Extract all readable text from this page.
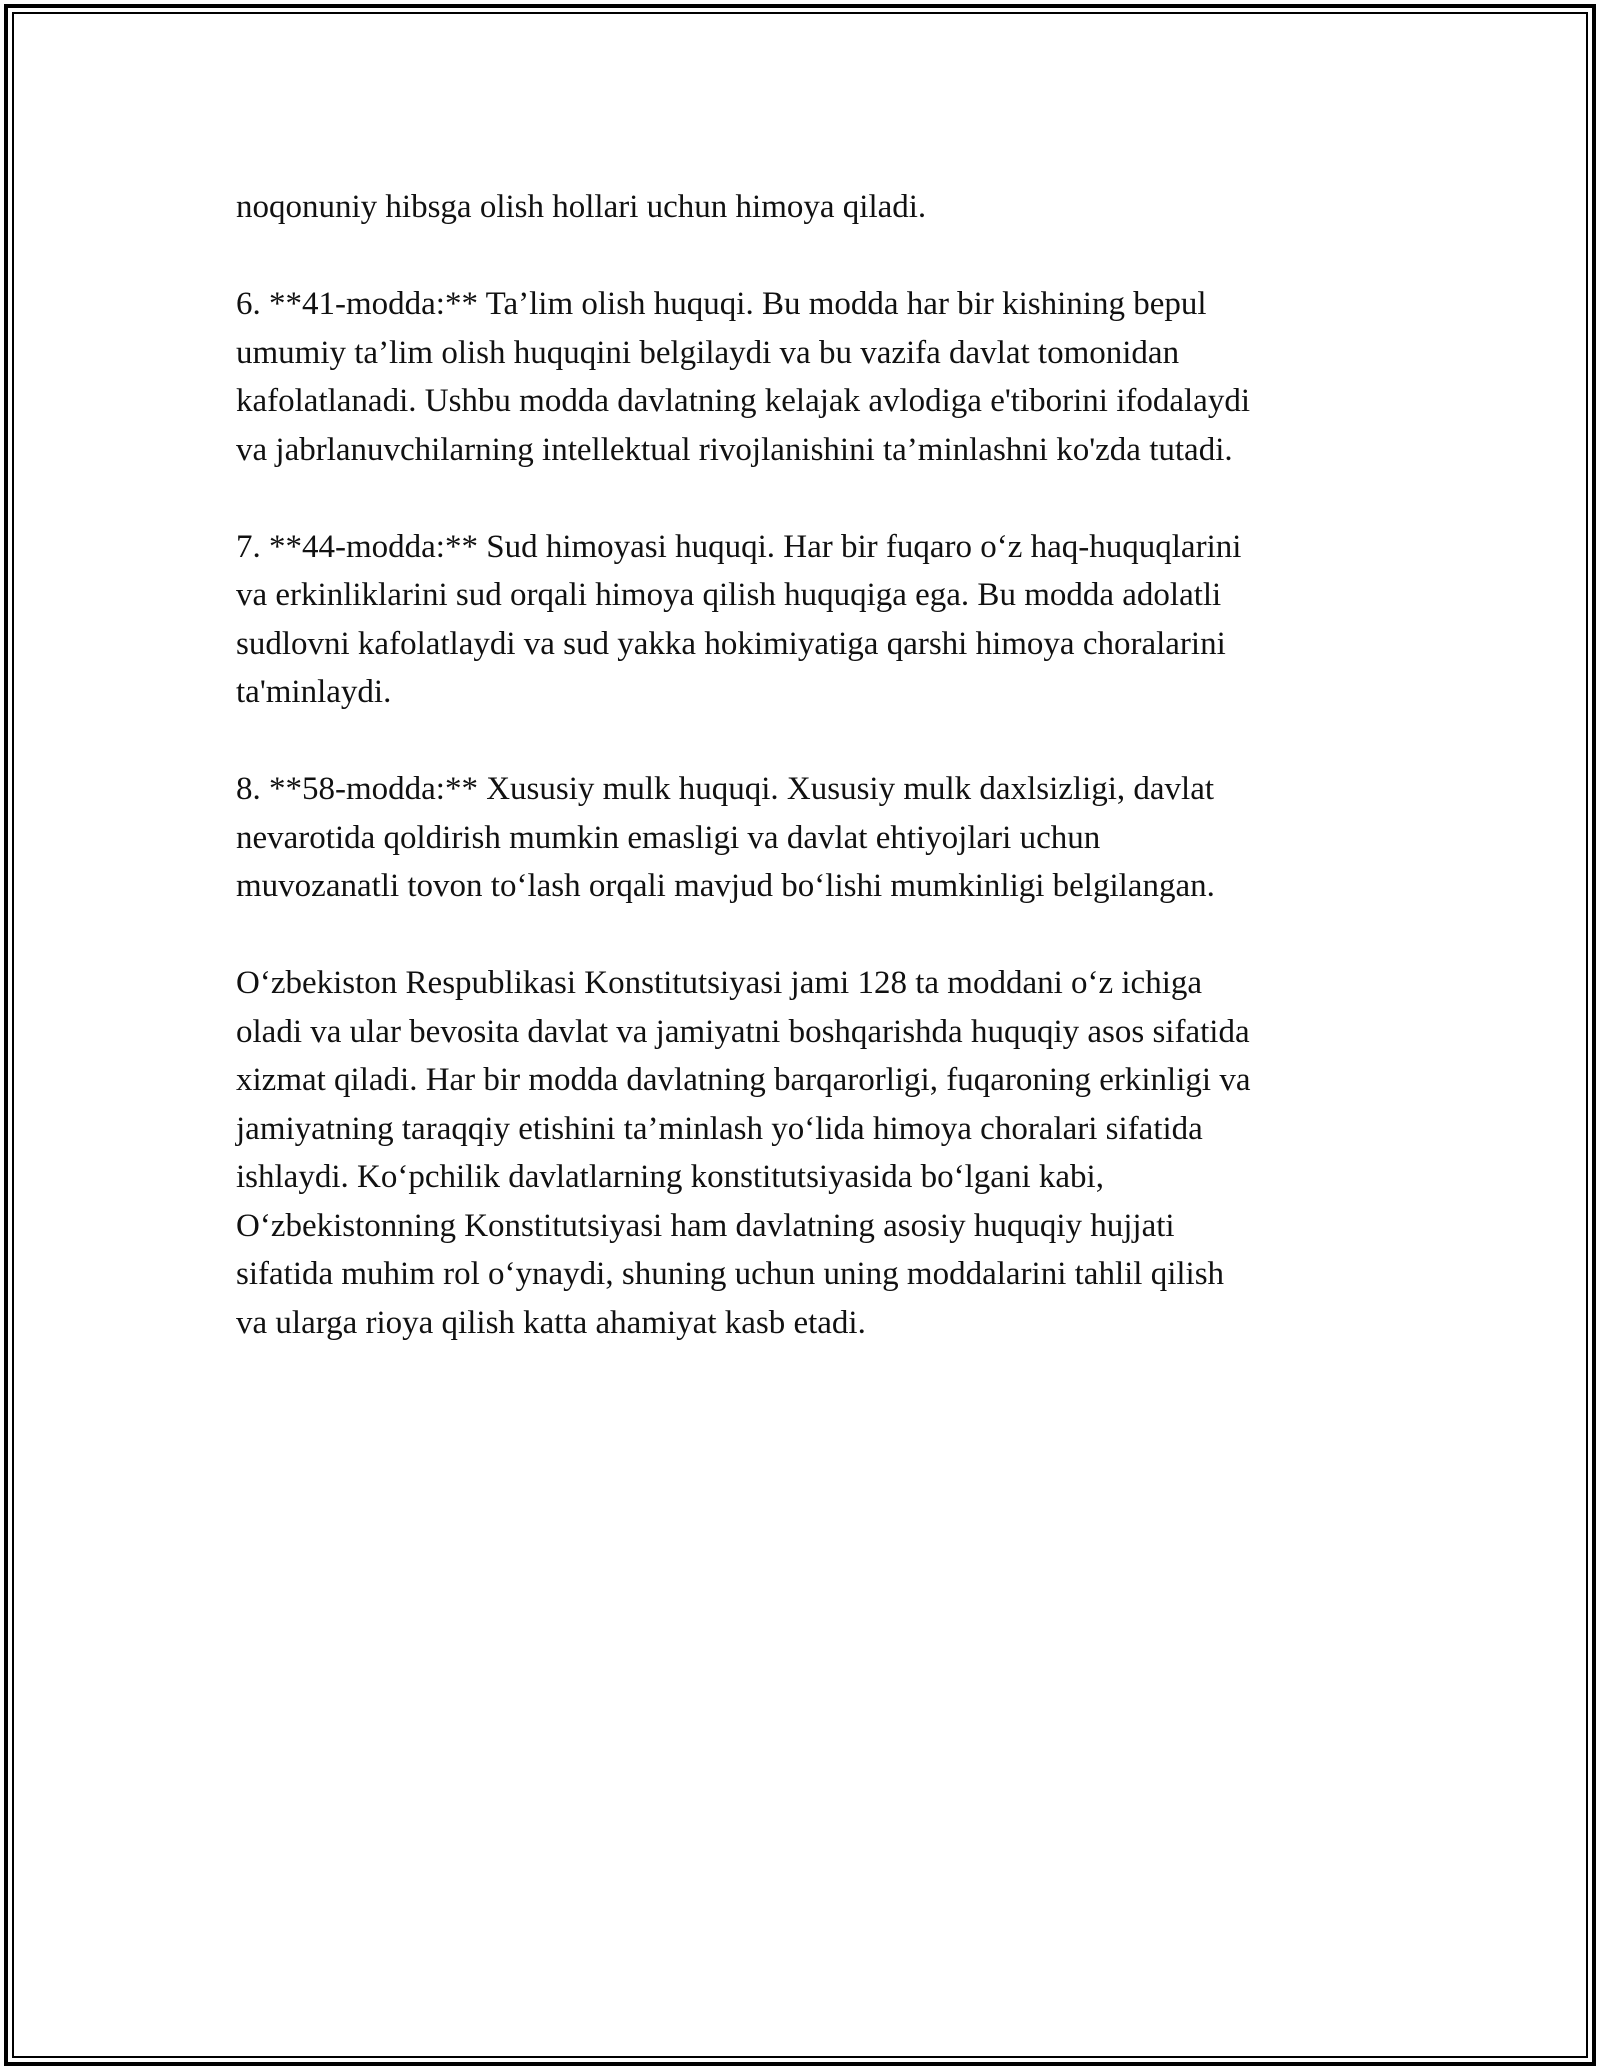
noqonuniy hibsga olish hollari uchun himoya qiladi.

6. **41-modda:** Ta’lim olish huquqi. Bu modda har bir kishining bepul
umumiy ta’lim olish huquqini belgilaydi va bu vazifa davlat tomonidan
kafolatlanadi. Ushbu modda davlatning kelajak avlodiga e'tiborini ifodalaydi
va jabrlanuvchilarning intellektual rivojlanishini ta’minlashni ko'zda tutadi.

7. **44-modda:** Sud himoyasi huquqi. Har bir fuqaro oʻz haq-huquqlarini
va erkinliklarini sud orqali himoya qilish huquqiga ega. Bu modda adolatli
sudlovni kafolatlaydi va sud yakka hokimiyatiga qarshi himoya choralarini
ta'minlaydi.

8. **58-modda:** Xususiy mulk huquqi. Xususiy mulk daxlsizligi, davlat
nevarotida qoldirish mumkin emasligi va davlat ehtiyojlari uchun
muvozanatli tovon toʻlash orqali mavjud boʻlishi mumkinligi belgilangan.

Oʻzbekiston Respublikasi Konstitutsiyasi jami 128 ta moddani oʻz ichiga
oladi va ular bevosita davlat va jamiyatni boshqarishda huquqiy asos sifatida
xizmat qiladi. Har bir modda davlatning barqarorligi, fuqaroning erkinligi va
jamiyatning taraqqiy etishini ta’minlash yoʻlida himoya choralari sifatida
ishlaydi. Koʻpchilik davlatlarning konstitutsiyasida boʻlgani kabi,
Oʻzbekistonning Konstitutsiyasi ham davlatning asosiy huquqiy hujjati
sifatida muhim rol oʻynaydi, shuning uchun uning moddalarini tahlil qilish
va ularga rioya qilish katta ahamiyat kasb etadi.
